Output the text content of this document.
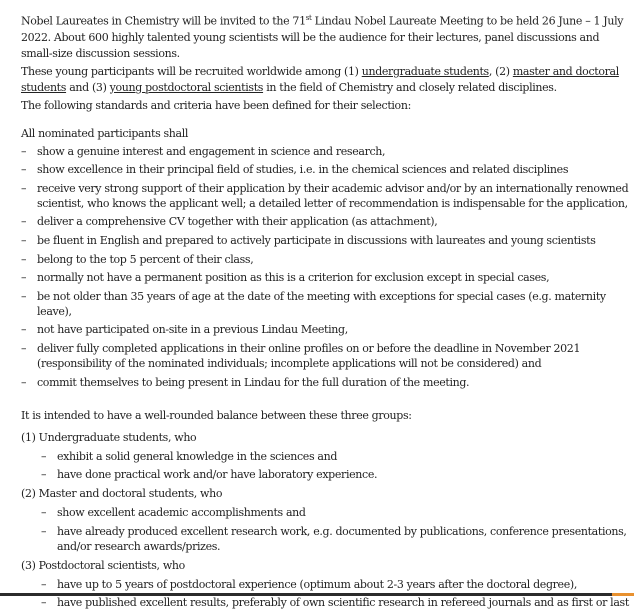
Nobel Laureates in Chemistry will be invited to the 71st Lindau Nobel Laureate Meeting to be held 26 June – 1 July 2022. About 600 highly talented young scientists will be the audience for their lectures, panel discussions and small-size discussion sessions.

These young participants will be recruited worldwide among (1) undergraduate students, (2) master and doctoral students and (3) young postdoctoral scientists in the field of Chemistry and closely related disciplines.

The following standards and criteria have been defined for their selection:

All nominated participants shall

– show a genuine interest and engagement in science and research,
– show excellence in their principal field of studies, i.e. in the chemical sciences and related disciplines
– receive very strong support of their application by their academic advisor and/or by an internationally renowned scientist, who knows the applicant well; a detailed letter of recommendation is indispensable for the application,
– deliver a comprehensive CV together with their application (as attachment),
– be fluent in English and prepared to actively participate in discussions with laureates and young scientists
– belong to the top 5 percent of their class,
– normally not have a permanent position as this is a criterion for exclusion except in special cases,
– be not older than 35 years of age at the date of the meeting with exceptions for special cases (e.g. maternity leave),
– not have participated on-site in a previous Lindau Meeting,
– deliver fully completed applications in their online profiles on or before the deadline in November 2021 (responsibility of the nominated individuals; incomplete applications will not be considered) and
– commit themselves to being present in Lindau for the full duration of the meeting.

It is intended to have a well-rounded balance between these three groups:

(1) Undergraduate students, who

– exhibit a solid general knowledge in the sciences and
– have done practical work and/or have laboratory experience.

(2) Master and doctoral students, who

– show excellent academic accomplishments and
– have already produced excellent research work, e.g. documented by publications, conference presentations, and/or research awards/prizes.

(3) Postdoctoral scientists, who

– have up to 5 years of postdoctoral experience (optimum about 2-3 years after the doctoral degree),
– have published excellent results, preferably of own scientific research in refereed journals and as first or last
